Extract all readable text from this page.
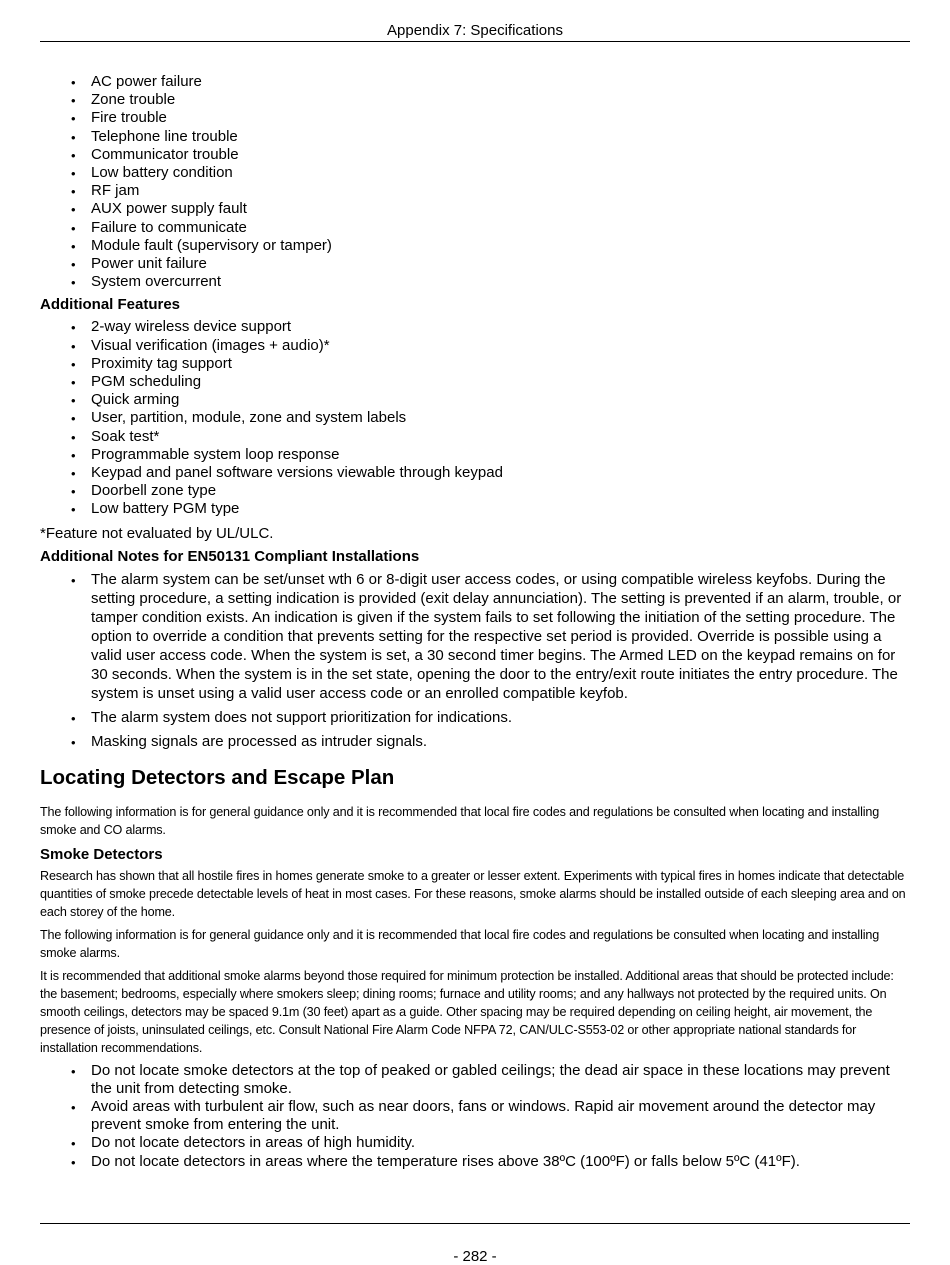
Appendix 7: Specifications
• AC power failure
• Zone trouble
• Fire trouble
• Telephone line trouble
• Communicator trouble
• Low battery condition
• RF jam
• AUX power supply fault
• Failure to communicate
• Module fault (supervisory or tamper)
• Power unit failure
• System overcurrent
Additional Features
• 2-way wireless device support
• Visual verification (images + audio)*
• Proximity tag support
• PGM scheduling
• Quick arming
• User, partition, module, zone and system labels
• Soak test*
• Programmable system loop response
• Keypad and panel software versions viewable through keypad
• Doorbell zone type
• Low battery PGM type

*Feature not evaluated by UL/ULC.

Additional Notes for EN50131 Compliant Installations
• The alarm system can be set/unset wth 6 or 8-digit user access codes, or using compatible wireless keyfobs. During the setting procedure, a setting indication is provided (exit delay annunciation). The setting is prevented if an alarm, trouble, or tamper condition exists. An indication is given if the system fails to set following the initiation of the setting procedure. The option to override a condition that prevents setting for the respective set period is provided. Override is possible using a valid user access code. When the system is set, a 30 second timer begins. The Armed LED on the keypad remains on for 30 seconds. When the system is in the set state, opening the door to the entry/exit route initiates the entry procedure. The system is unset using a valid user access code or an enrolled compatible keyfob.
• The alarm system does not support prioritization for indications.
• Masking signals are processed as intruder signals.
Locating Detectors and Escape Plan

The following information is for general guidance only and it is recommended that local fire codes and regulations be consulted when locating and installing smoke and CO alarms.

Smoke Detectors

Research has shown that all hostile fires in homes generate smoke to a greater or lesser extent. Experiments with typical fires in homes indicate that detectable quantities of smoke precede detectable levels of heat in most cases. For these reasons, smoke alarms should be installed outside of each sleeping area and on each storey of the home.

The following information is for general guidance only and it is recommended that local fire codes and regulations be consulted when locating and installing smoke alarms.

It is recommended that additional smoke alarms beyond those required for minimum protection be installed. Additional areas that should be protected include: the basement; bedrooms, especially where smokers sleep; dining rooms; furnace and utility rooms; and any hallways not protected by the required units. On smooth ceilings, detectors may be spaced 9.1m (30 feet) apart as a guide. Other spacing may be required depending on ceiling height, air movement, the presence of joists, uninsulated ceilings, etc. Consult National Fire Alarm Code NFPA 72, CAN/ULC-S553-02 or other appropriate national standards for installation recommendations.

• Do not locate smoke detectors at the top of peaked or gabled ceilings; the dead air space in these locations may prevent the unit from detecting smoke.
• Avoid areas with turbulent air flow, such as near doors, fans or windows. Rapid air movement around the detector may prevent smoke from entering the unit.
• Do not locate detectors in areas of high humidity.
• Do not locate detectors in areas where the temperature rises above 38ºC (100ºF) or falls below 5ºC (41ºF).
- 282 -
